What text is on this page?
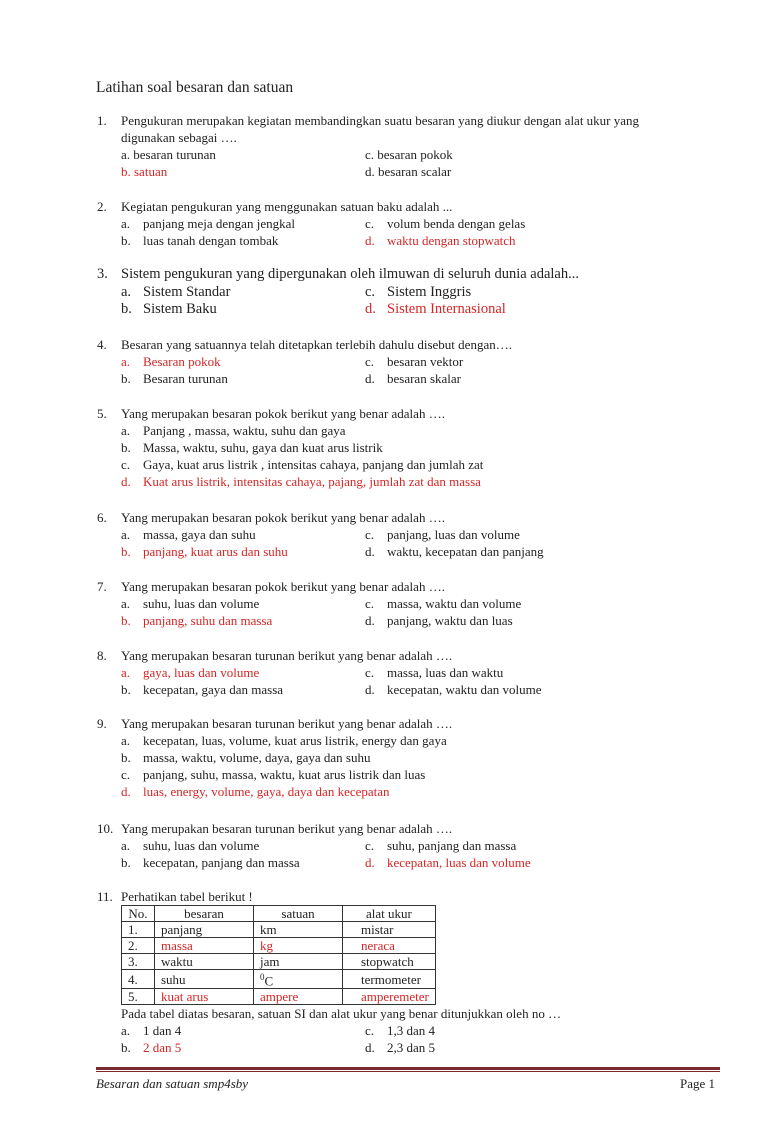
Latihan soal besaran dan satuan
1. Pengukuran merupakan kegiatan membandingkan suatu besaran yang diukur dengan alat ukur yang
digunakan sebagai ….
a. besaran turunan	c. besaran pokok
b. satuan	d. besaran scalar
2. Kegiatan pengukuran yang menggunakan satuan baku adalah ...
a. panjang meja dengan jengkal	c. volum benda dengan gelas
b. luas tanah dengan tombak	d. waktu dengan stopwatch
3. Sistem pengukuran yang dipergunakan oleh ilmuwan di seluruh dunia adalah...
a. Sistem Standar	c. Sistem Inggris
b. Sistem Baku	d. Sistem Internasional
4. Besaran yang satuannya telah ditetapkan terlebih dahulu disebut dengan….
a. Besaran pokok	c. besaran vektor
b. Besaran turunan	d. besaran skalar
5. Yang merupakan besaran pokok berikut yang benar adalah ….
a. Panjang , massa, waktu, suhu dan gaya
b. Massa, waktu, suhu, gaya dan kuat arus listrik
c. Gaya, kuat arus listrik , intensitas cahaya, panjang dan jumlah zat
d. Kuat arus listrik, intensitas cahaya, pajang, jumlah zat dan massa
6. Yang merupakan besaran pokok berikut yang benar adalah ….
a. massa, gaya dan suhu	c. panjang, luas dan volume
b. panjang, kuat arus dan suhu	d. waktu, kecepatan dan panjang
7. Yang merupakan besaran pokok berikut yang benar adalah ….
a. suhu, luas dan volume	c. massa, waktu dan volume
b. panjang, suhu dan massa	d. panjang, waktu dan luas
8. Yang merupakan besaran turunan berikut yang benar adalah ….
a. gaya, luas dan volume	c. massa, luas dan waktu
b. kecepatan, gaya dan massa	d. kecepatan, waktu dan volume
9. Yang merupakan besaran turunan berikut yang benar adalah ….
a. kecepatan, luas, volume, kuat arus listrik, energy dan gaya
b. massa, waktu, volume, daya, gaya dan suhu
c. panjang, suhu, massa, waktu, kuat arus listrik dan luas
d. luas, energy, volume, gaya, daya dan kecepatan
10. Yang merupakan besaran turunan berikut yang benar adalah ….
a. suhu, luas dan volume	c. suhu, panjang dan massa
b. kecepatan, panjang dan massa	d. kecepatan, luas dan volume
11. Perhatikan tabel berikut !
No.	besaran	satuan	alat ukur
1.	panjang	km	mistar
2.	massa	kg	neraca
3.	waktu	jam	stopwatch
4.	suhu	$^0$C	termometer
5.	kuat arus	ampere	amperemeter
Pada tabel diatas besaran, satuan SI dan alat ukur yang benar ditunjukkan oleh no …
a. 1 dan 4	c. 1,3 dan 4
b. 2 dan 5	d. 2,3 dan 5
Besaran dan satuan smp4sby	Page 1
